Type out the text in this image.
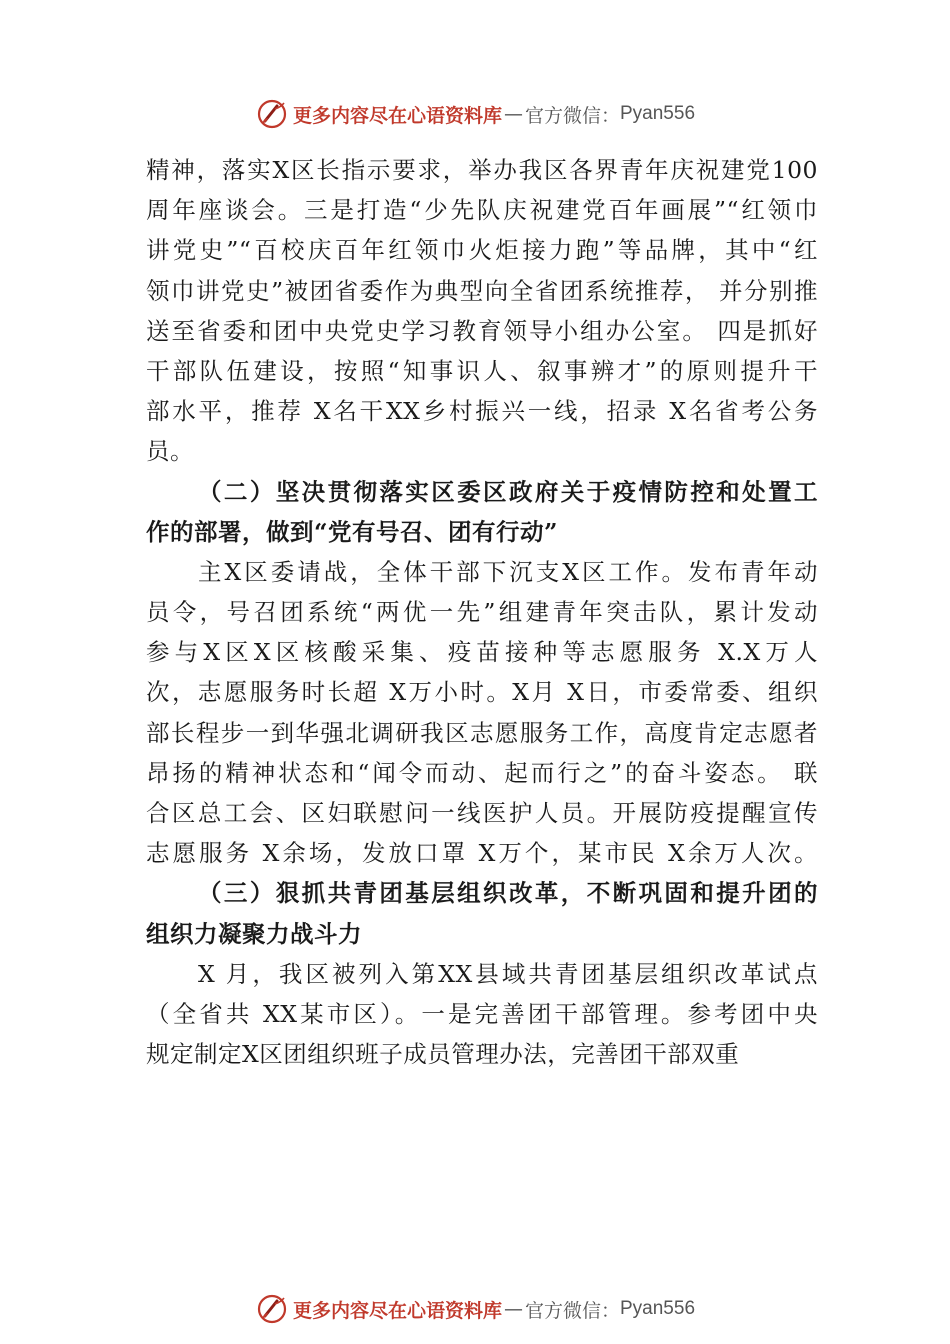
更多内容尽在心语资料库 — 官方微信： Pyan556
精神，落实X区长指示要求，举办我区各界青年庆祝建党100
周年座谈会。三是打造“少先队庆祝建党百年画展”“红领巾
讲党史”“百校庆百年红领巾火炬接力跑”等品牌，其中“红
领巾讲党史”被团省委作为典型向全省团系统推荐， 并分别推
送至省委和团中央党史学习教育领导小组办公室。 四是抓好
干部队伍建设，按照“知事识人、叙事辨才”的原则提升干
部水平，推荐 X名干XX乡村振兴一线，招录 X名省考公务
员。
（二）坚决贯彻落实区委区政府关于疫情防控和处置工
作的部署，做到“党有号召、团有行动”
主X区委请战，全体干部下沉支X区工作。发布青年动
员令，号召团系统“两优一先”组建青年突击队，累计发动
参与X区X区核酸采集、疫苗接种等志愿服务 X.X万人
次，志愿服务时长超 X万小时。X月 X日，市委常委、组织
部长程步一到华强北调研我区志愿服务工作，高度肯定志愿者
昂扬的精神状态和“闻令而动、起而行之”的奋斗姿态。 联
合区总工会、区妇联慰问一线医护人员。开展防疫提醒宣传
志愿服务 X余场，发放口罩 X万个，某市民 X余万人次。
（三）狠抓共青团基层组织改革，不断巩固和提升团的
组织力凝聚力战斗力
X 月，我区被列入第XX县域共青团基层组织改革试点
（全省共 XX某市区）。一是完善团干部管理。参考团中央
规定制定X区团组织班子成员管理办法，完善团干部双重
更多内容尽在心语资料库 — 官方微信： Pyan556
